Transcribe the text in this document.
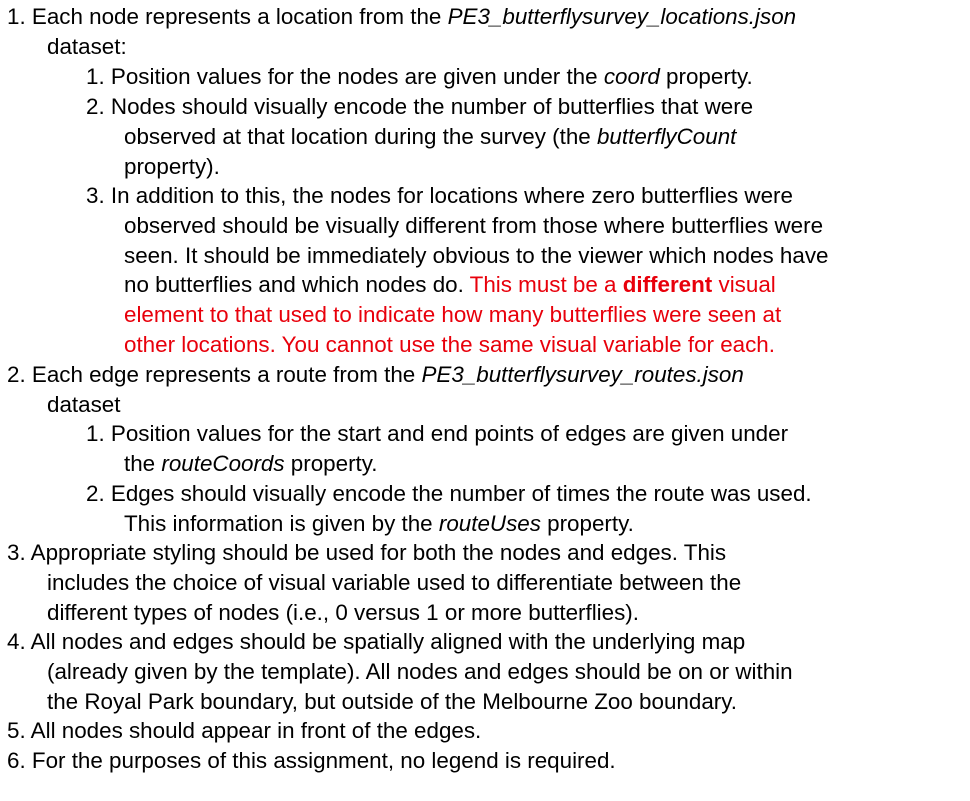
1. Each node represents a location from the PE3_butterflysurvey_locations.json
dataset:
1. Position values for the nodes are given under the coord property.
2. Nodes should visually encode the number of butterflies that were
observed at that location during the survey (the butterflyCount
property).
3. In addition to this, the nodes for locations where zero butterflies were
observed should be visually different from those where butterflies were
seen. It should be immediately obvious to the viewer which nodes have
no butterflies and which nodes do. This must be a different visual
element to that used to indicate how many butterflies were seen at
other locations. You cannot use the same visual variable for each.
2. Each edge represents a route from the PE3_butterflysurvey_routes.json
dataset
1. Position values for the start and end points of edges are given under
the routeCoords property.
2. Edges should visually encode the number of times the route was used.
This information is given by the routeUses property.
3. Appropriate styling should be used for both the nodes and edges. This
includes the choice of visual variable used to differentiate between the
different types of nodes (i.e., 0 versus 1 or more butterflies).
4. All nodes and edges should be spatially aligned with the underlying map
(already given by the template). All nodes and edges should be on or within
the Royal Park boundary, but outside of the Melbourne Zoo boundary.
5. All nodes should appear in front of the edges.
6. For the purposes of this assignment, no legend is required.
